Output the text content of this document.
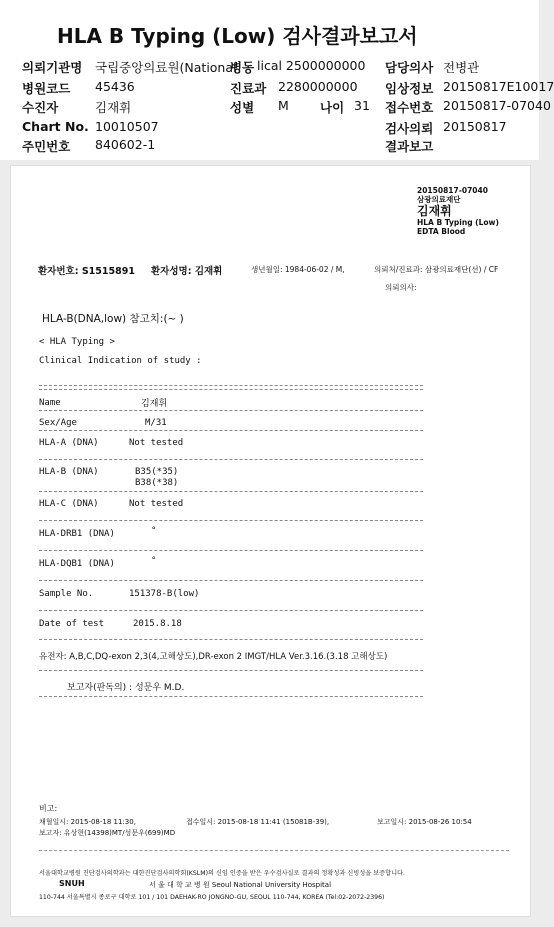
HLA B Typing (Low) 검사결과보고서
의뢰기관명 국립중앙의료원(National
병동 lical 2500000000 담당의사 전병관
병원코드 45436	진료과 2280000000 임상정보 20150817E10017
수진자	김재휘	성별 M 나이 31 접수번호 20150817-07040
Chart No. 10010507	검사의뢰 20150817
주민번호 840602-1	결과보고
20150817-07040
삼광의료재단
김재휘
HLA B Typing (Low)
EDTA Blood
환자번호: S1515891 환자성명: 김재휘	생년월일: 1984-06-02 / M,	의뢰처/진료과: 삼광의료재단(선) / CF
의뢰의사:
HLA-B(DNA,low) 참고치:(~ )
< HLA Typing >
Clinical Indication of study :
Name	김재휘
Sex/Age	M/31
HLA-A (DNA)	Not tested
HLA-B (DNA)	B35(*35)
B38(*38)
HLA-C (DNA)	Not tested
HLA-DRB1 (DNA)	°
HLA-DQB1 (DNA)	°
Sample No.	151378-B(low)
Date of test	2015.8.18
유전자: A,B,C,DQ-exon 2,3(4,고해상도),DR-exon 2 IMGT/HLA Ver.3.16.(3.18 고해상도)
보고자(판독의) : 성문우 M.D.
비고:
채혈일시: 2015-08-18 11:30,	접수일시: 2015-08-18 11:41 (15081B-39),	보고일시: 2015-08-26 10:54
보고자: 유상현(14398)MT/성문우(699)MD
서울대학교병원 진단검사의학과는 대한진단검사의학회(KSLM)의 신임 인증을 받은 우수검사실로 결과의 정확성과 신빙성을 보증합니다.
SNUH	서 울 대 학 교 병 원 Seoul National University Hospital
110-744 서울특별시 종로구 대학로 101 / 101 DAEHAK-RO JONGNO-GU, SEOUL 110-744, KOREA (Tel:02-2072-2396)
